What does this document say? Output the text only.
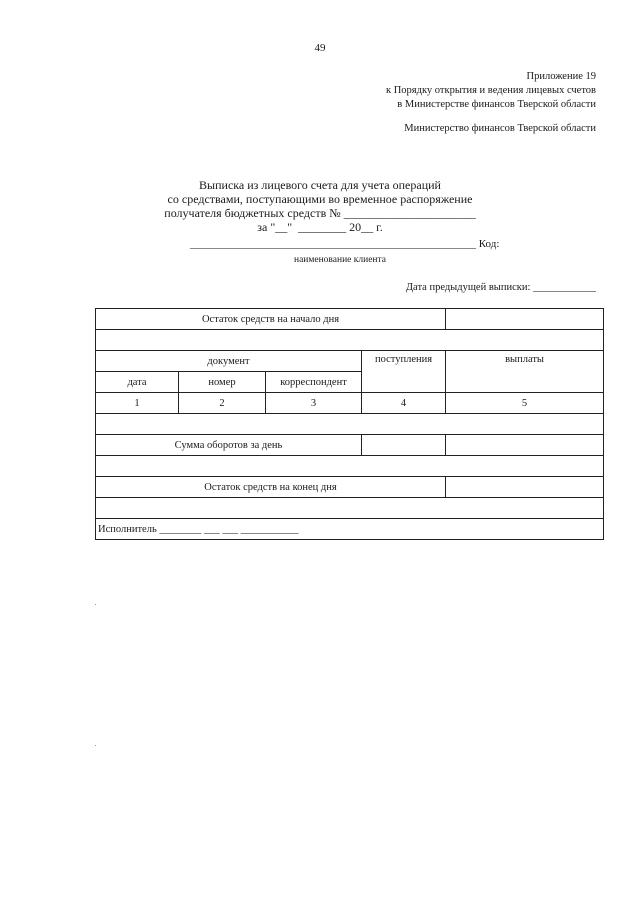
49
Приложение 19
к Порядку открытия и ведения лицевых счетов
в Министерстве финансов Тверской области
Министерство финансов Тверской области
Выписка из лицевого счета для учета операций
со средствами, поступающими во временное распоряжение
получателя бюджетных средств № ______________________
за "__"  ________ 20__ г.
____________________________________________________ Код:
наименование клиента
Дата предыдущей выписки: ____________
Остаток средств на начало дня				

документ			поступления	выплаты
дата	номер	корреспондент		
1	2	3	4	5

Сумма оборотов за день				

Остаток средств на конец дня				

Исполнитель ________ ___ ___ ___________				
